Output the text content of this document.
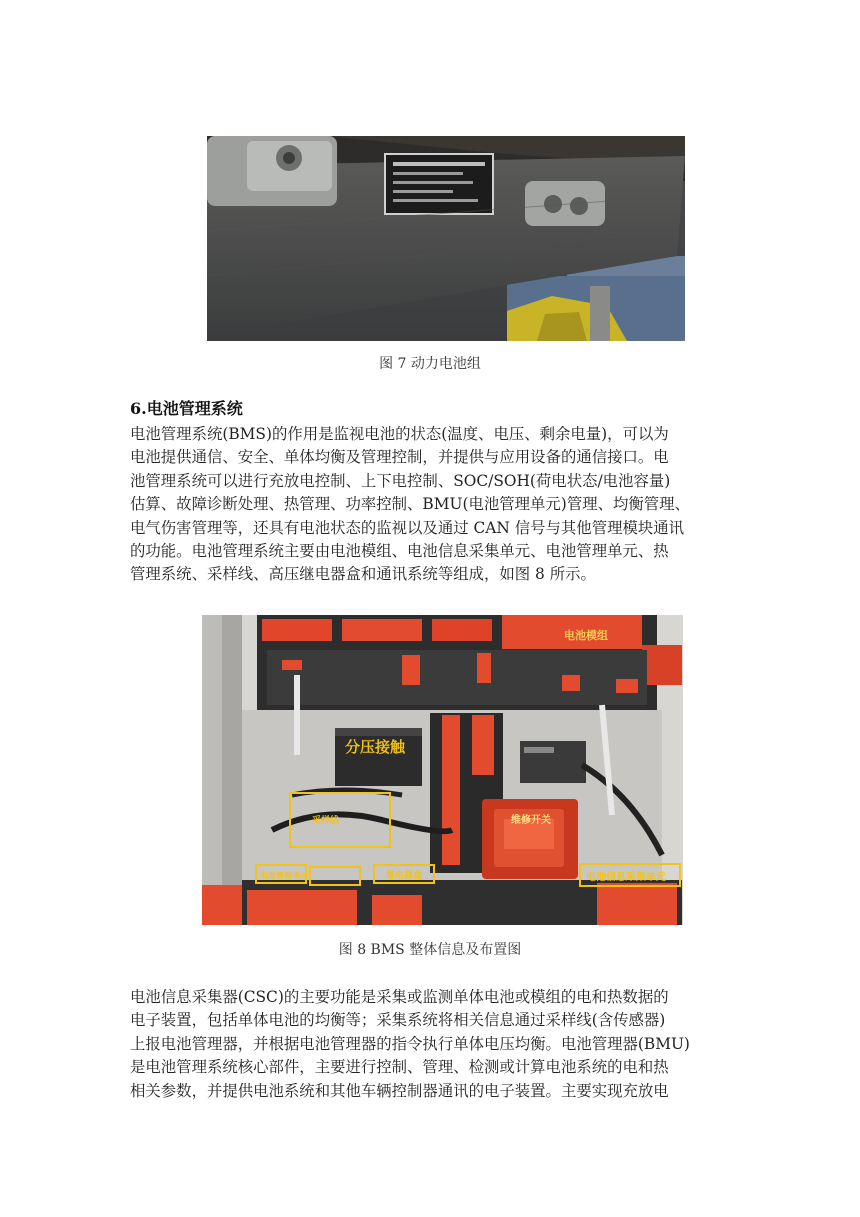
图 7 动力电池组
6.电池管理系统
电池管理系统(BMS)的作用是监视电池的状态(温度、电压、剩余电量)，可以为
电池提供通信、安全、单体均衡及管理控制，并提供与应用设备的通信接口。电
池管理系统可以进行充放电控制、上下电控制、SOC/SOH(荷电状态/电池容量)
估算、故障诊断处理、热管理、功率控制、BMU(电池管理单元)管理、均衡管理、
电气伤害管理等，还具有电池状态的监视以及通过 CAN 信号与其他管理模块通讯
的功能。电池管理系统主要由电池模组、电池信息采集单元、电池管理单元、热
管理系统、采样线、高压继电器盒和通讯系统等组成，如图 8 所示。
电池模组
分压接触
维修开关
采样线
继电器盒
电池管理单元	电池信息采集单元
图 8 BMS 整体信息及布置图
电池信息采集器(CSC)的主要功能是采集或监测单体电池或模组的电和热数据的
电子装置，包括单体电池的均衡等；采集系统将相关信息通过采样线(含传感器)
上报电池管理器，并根据电池管理器的指令执行单体电压均衡。电池管理器(BMU)
是电池管理系统核心部件，主要进行控制、管理、检测或计算电池系统的电和热
相关参数，并提供电池系统和其他车辆控制器通讯的电子装置。主要实现充放电
